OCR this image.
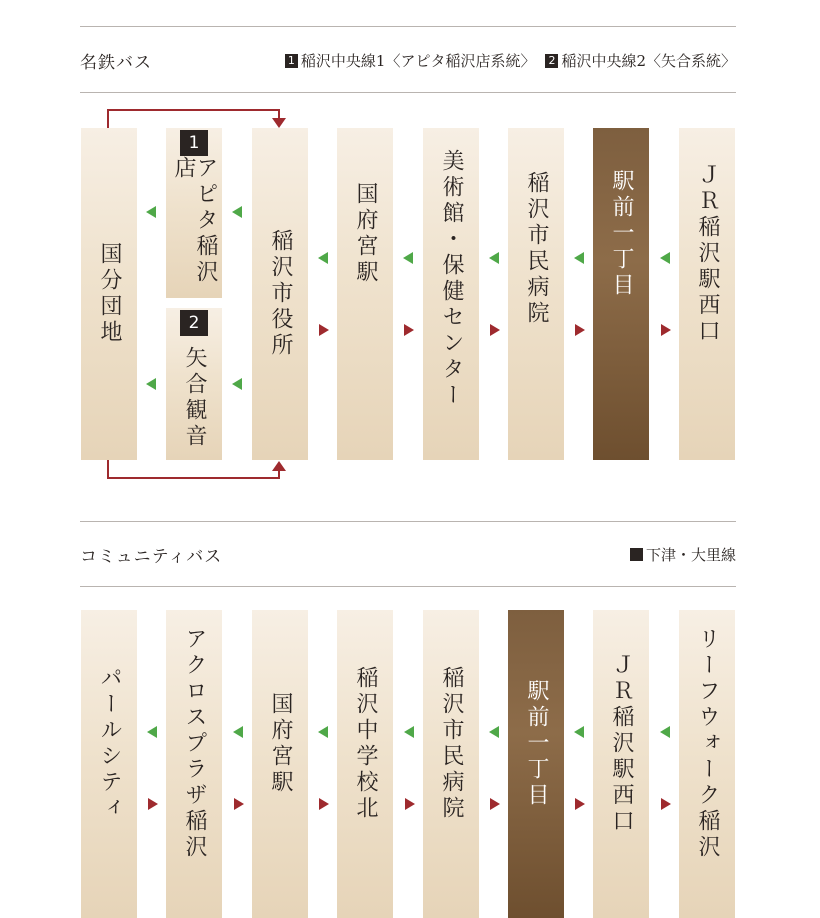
名鉄バス	1 稲沢中央線1〈アピタ稲沢店系統〉 2 稲沢中央線2〈矢合系統〉
国分団地
1
アピタ稲沢店
2
矢合観音
稲沢市役所	国府宮駅	美術館・保健センター	稲沢市民病院	駅前一丁目	ＪＲ稲沢駅西口
コミュニティバス	下津・大里線
パールシティ	アクロスプラザ稲沢	国府宮駅	稲沢中学校北	稲沢市民病院	駅前一丁目	ＪＲ稲沢駅西口	リーフウォーク稲沢
